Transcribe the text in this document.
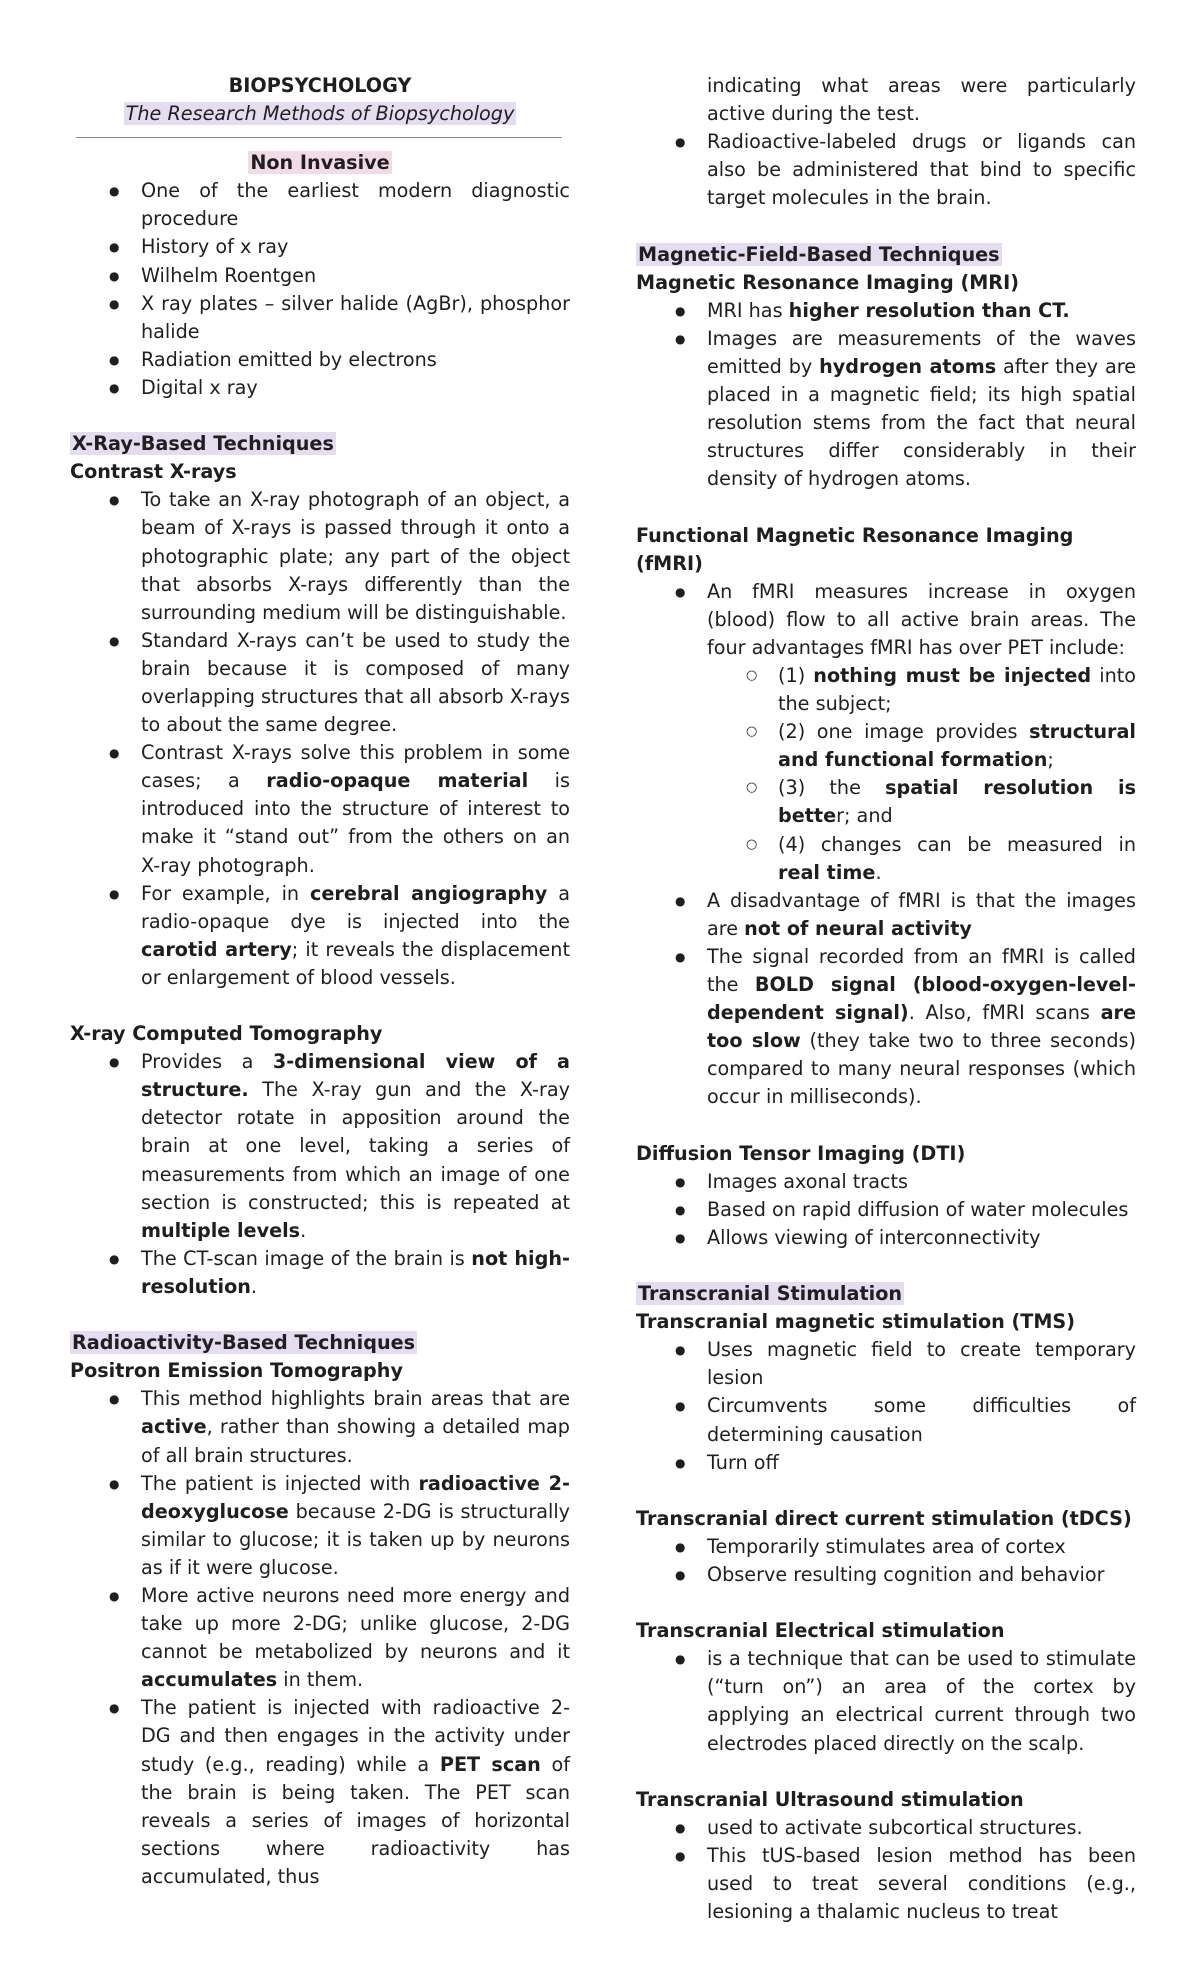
BIOPSYCHOLOGY
The Research Methods of Biopsychology
Non Invasive
● One of the earliest modern diagnostic procedure
● History of x ray
● Wilhelm Roentgen
● X ray plates – silver halide (AgBr), phosphor halide
● Radiation emitted by electrons
● Digital x ray
X-Ray-Based Techniques
Contrast X-rays
● To take an X-ray photograph of an object, a beam of X-rays is passed through it onto a photographic plate; any part of the object that absorbs X-rays differently than the surrounding medium will be distinguishable.
● Standard X-rays can’t be used to study the brain because it is composed of many overlapping structures that all absorb X-rays to about the same degree.
● Contrast X-rays solve this problem in some cases; a radio-opaque material is introduced into the structure of interest to make it “stand out” from the others on an X-ray photograph.
● For example, in cerebral angiography a radio-opaque dye is injected into the carotid artery; it reveals the displacement or enlargement of blood vessels.
X-ray Computed Tomography
● Provides a 3-dimensional view of a structure. The X-ray gun and the X-ray detector rotate in apposition around the brain at one level, taking a series of measurements from which an image of one section is constructed; this is repeated at multiple levels.
● The CT-scan image of the brain is not high-resolution.
Radioactivity-Based Techniques
Positron Emission Tomography
● This method highlights brain areas that are active, rather than showing a detailed map of all brain structures.
● The patient is injected with radioactive 2-deoxyglucose because 2-DG is structurally similar to glucose; it is taken up by neurons as if it were glucose.
● More active neurons need more energy and take up more 2-DG; unlike glucose, 2-DG cannot be metabolized by neurons and it accumulates in them.
● The patient is injected with radioactive 2-DG and then engages in the activity under study (e.g., reading) while a PET scan of the brain is being taken. The PET scan reveals a series of images of horizontal sections where radioactivity has accumulated, thus
indicating what areas were particularly active during the test.
● Radioactive-labeled drugs or ligands can also be administered that bind to specific target molecules in the brain.
Magnetic-Field-Based Techniques
Magnetic Resonance Imaging (MRI)
● MRI has higher resolution than CT.
● Images are measurements of the waves emitted by hydrogen atoms after they are placed in a magnetic field; its high spatial resolution stems from the fact that neural structures differ considerably in their density of hydrogen atoms.
Functional Magnetic Resonance Imaging (fMRI)
● An fMRI measures increase in oxygen (blood) flow to all active brain areas. The four advantages fMRI has over PET include:
○ (1) nothing must be injected into the subject;
○ (2) one image provides structural and functional formation;
○ (3) the spatial resolution is better; and
○ (4) changes can be measured in real time.
● A disadvantage of fMRI is that the images are not of neural activity
● The signal recorded from an fMRI is called the BOLD signal (blood-oxygen-level-dependent signal). Also, fMRI scans are too slow (they take two to three seconds) compared to many neural responses (which occur in milliseconds).
Diffusion Tensor Imaging (DTI)
● Images axonal tracts
● Based on rapid diffusion of water molecules
● Allows viewing of interconnectivity
Transcranial Stimulation
Transcranial magnetic stimulation (TMS)
● Uses magnetic field to create temporary lesion
● Circumvents some difficulties of determining causation
● Turn off
Transcranial direct current stimulation (tDCS)
● Temporarily stimulates area of cortex
● Observe resulting cognition and behavior
Transcranial Electrical stimulation
● is a technique that can be used to stimulate (“turn on”) an area of the cortex by applying an electrical current through two electrodes placed directly on the scalp.
Transcranial Ultrasound stimulation
● used to activate subcortical structures.
● This tUS-based lesion method has been used to treat several conditions (e.g., lesioning a thalamic nucleus to treat
